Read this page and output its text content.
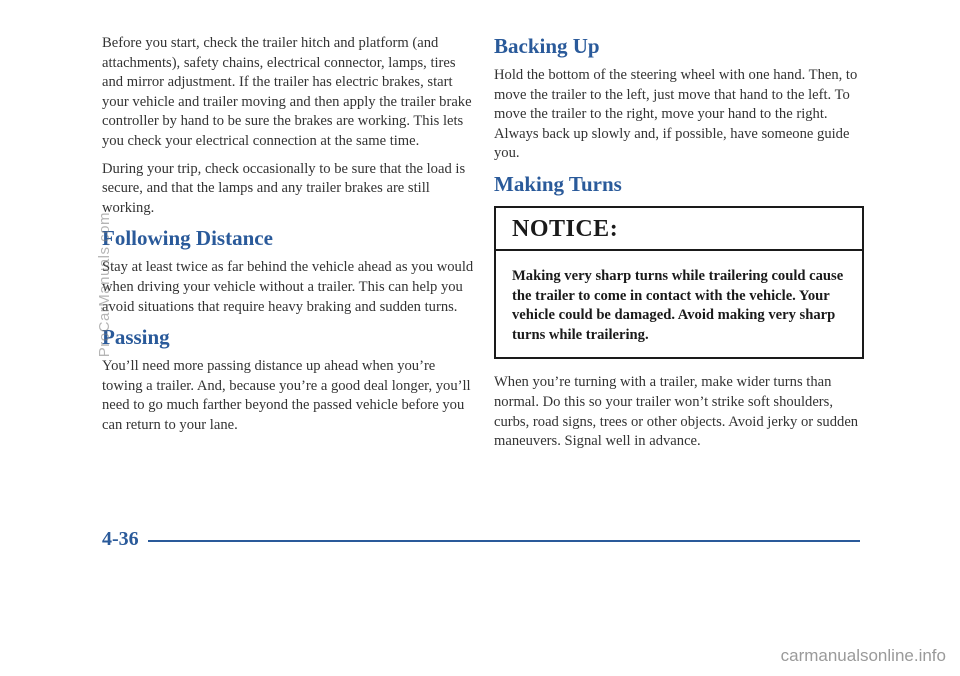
Before you start, check the trailer hitch and platform (and attachments), safety chains, electrical connector, lamps, tires and mirror adjustment. If the trailer has electric brakes, start your vehicle and trailer moving and then apply the trailer brake controller by hand to be sure the brakes are working. This lets you check your electrical connection at the same time.

During your trip, check occasionally to be sure that the load is secure, and that the lamps and any trailer brakes are still working.

Following Distance

Stay at least twice as far behind the vehicle ahead as you would when driving your vehicle without a trailer. This can help you avoid situations that require heavy braking and sudden turns.

Passing

You’ll need more passing distance up ahead when you’re towing a trailer. And, because you’re a good deal longer, you’ll need to go much farther beyond the passed vehicle before you can return to your lane.

Backing Up

Hold the bottom of the steering wheel with one hand. Then, to move the trailer to the left, just move that hand to the left. To move the trailer to the right, move your hand to the right. Always back up slowly and, if possible, have someone guide you.

Making Turns
NOTICE:
Making very sharp turns while trailering could cause the trailer to come in contact with the vehicle. Your vehicle could be damaged. Avoid making very sharp turns while trailering.

When you’re turning with a trailer, make wider turns than normal. Do this so your trailer won’t strike soft shoulders, curbs, road signs, trees or other objects. Avoid jerky or sudden maneuvers. Signal well in advance.

4-36
ProCarManuals.com
carmanualsonline.info
